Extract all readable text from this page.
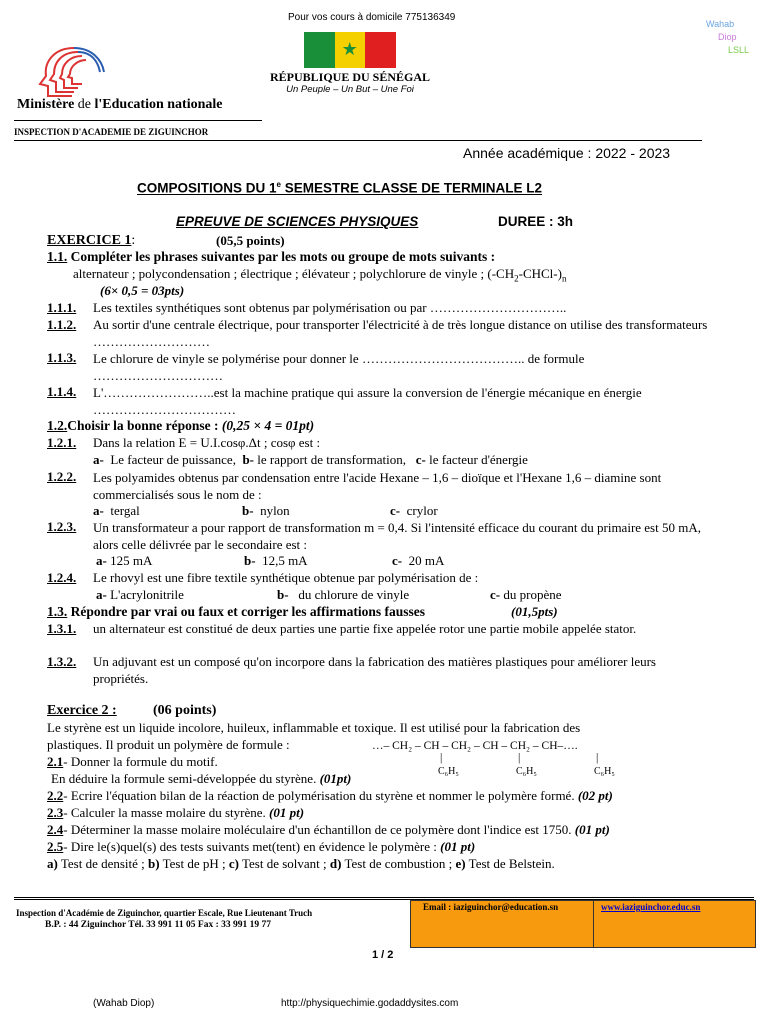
Pour vos cours à domicile 775136349
Ministère de l'Education nationale
INSPECTION D'ACADEMIE DE ZIGUINCHOR
★
RÉPUBLIQUE DU SÉNÉGAL
Un Peuple – Un But – Une Foi
Wahab
Diop
LSLL
Année académique : 2022 - 2023
COMPOSITIONS DU 1e SEMESTRE CLASSE DE TERMINALE L2
EPREUVE DE SCIENCES PHYSIQUES	DUREE : 3h
EXERCICE 1:	(05,5 points)
1.1. Compléter les phrases suivantes par les mots ou groupe de mots suivants :
alternateur ; polycondensation ; électrique ; élévateur ; polychlorure de vinyle ; $(-CH_2-CHCl-)_n$
(6× 0,5 = 03pts)
1.1.1. Les textiles synthétiques sont obtenus par polymérisation ou par …………………………..
1.1.2. Au sortir d'une centrale électrique, pour transporter l'électricité à de très longue distance on utilise des transformateurs ………………………
1.1.3. Le chlorure de vinyle se polymérise pour donner le ……………………………….. de formule …………………………
1.1.4. L'……………………..est la machine pratique qui assure la conversion de l'énergie mécanique en énergie ……………………………
1.2.Choisir la bonne réponse : (0,25 × 4 = 01pt)
1.2.1. Dans la relation E = U.I.cosφ.Δt ; cosφ est :
a- Le facteur de puissance, b- le rapport de transformation, c- le facteur d'énergie
1.2.2. Les polyamides obtenus par condensation entre l'acide Hexane – 1,6 – dioïque et l'Hexane 1,6 – diamine sont commercialisés sous le nom de :
a- tergal	b- nylon	c- crylor
1.2.3. Un transformateur a pour rapport de transformation m = 0,4. Si l'intensité efficace du courant du primaire est 50 mA, alors celle délivrée par le secondaire est :
a- 125 mA	b- 12,5 mA	c- 20 mA
1.2.4. Le rhovyl est une fibre textile synthétique obtenue par polymérisation de :
a- L'acrylonitrile	b- du chlorure de vinyle	c- du propène
1.3. Répondre par vrai ou faux et corriger les affirmations fausses	(01,5pts)
1.3.1. un alternateur est constitué de deux parties une partie fixe appelée rotor une partie mobile appelée stator.
1.3.2. Un adjuvant est un composé qu'on incorpore dans la fabrication des matières plastiques pour améliorer leurs propriétés.
Exercice 2 :	(06 points)
Le styrène est un liquide incolore, huileux, inflammable et toxique. Il est utilisé pour la fabrication des
plastiques. Il produit un polymère de formule :	…– CH₂ – CH – CH₂ – CH – CH₂ – CH–….
|	|	|
C₆H₅	C₆H₅	C₆H₅
2.1- Donner la formule du motif.
En déduire la formule semi-développée du styrène. (01pt)
2.2- Ecrire l'équation bilan de la réaction de polymérisation du styrène et nommer le polymère formé. (02 pt)
2.3- Calculer la masse molaire du styrène. (01 pt)
2.4- Déterminer la masse molaire moléculaire d'un échantillon de ce polymère dont l'indice est 1750. (01 pt)
2.5- Dire le(s)quel(s) des tests suivants met(tent) en évidence le polymère : (01 pt)
a) Test de densité ; b) Test de pH ; c) Test de solvant ; d) Test de combustion ; e) Test de Belstein.
Inspection d'Académie de Ziguinchor, quartier Escale, Rue Lieutenant Truch
B.P. : 44 Ziguinchor Tél. 33 991 11 05 Fax : 33 991 19 77
Email : iaziguinchor@education.sn	www.iaziguinchor.educ.sn
1 / 2
(Wahab Diop)	http://physiquechimie.godaddysites.com
